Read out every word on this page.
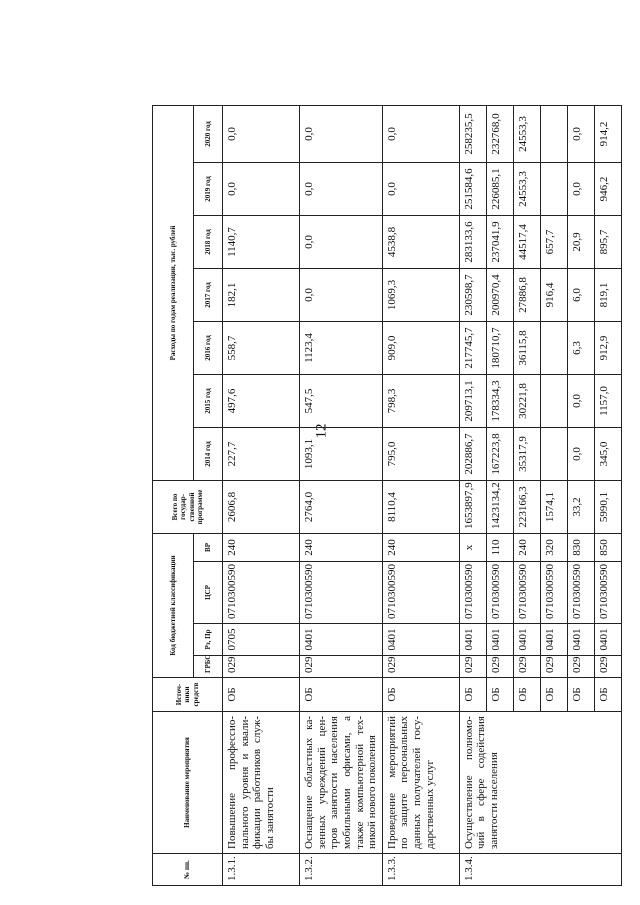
12
№ пп.	Наименование мероприятия	Источ-ники средств	Код бюджетной классификации				Всего по государ-ственной программе	Расходы по годам реализации, тыс. рублей						
			ГРБС	Рз, Пр	ЦСР	ВР		2014 год	2015 год	2016 год	2017 год	2018 год	2019 год	2020 год
1.3.1.	Повышение профессио-нального уровня и квали-фикации работников служ-бы занятости	ОБ	029	0705	0710300590	240	2606,8	227,7	497,6	558,7	182,1	1140,7	0,0	0,0
1.3.2.	Оснащение областных ка-зенных учреждений цен-тров занятости населения мобильными офисами, а также компьютерной тех-никой нового поколения	ОБ	029	0401	0710300590	240	2764,0	1093,1	547,5	1123,4	0,0	0,0	0,0	0,0
1.3.3.	Проведение мероприятий по защите персональных данных получателей госу-дарственных услуг	ОБ	029	0401	0710300590	240	8110,4	795,0	798,3	909,0	1069,3	4538,8	0,0	0,0
1.3.4.	Осуществление полномо-чий в сфере содействия занятости населения	ОБ	029	0401	0710300590	x	1653897,9	202886,7	209713,1	217745,7	230598,7	283133,6	251584,6	258235,5
		ОБ	029	0401	0710300590	110	1423134,2	167223,8	178334,3	180710,7	200970,4	237041,9	226085,1	232768,0
		ОБ	029	0401	0710300590	240	223166,3	35317,9	30221,8	36115,8	27886,8	44517,4	24553,3	24553,3
		ОБ	029	0401	0710300590	320	1574,1				916,4	657,7		
		ОБ	029	0401	0710300590	830	33,2	0,0	0,0	6,3	6,0	20,9	0,0	0,0
		ОБ	029	0401	0710300590	850	5990,1	345,0	1157,0	912,9	819,1	895,7	946,2	914,2
